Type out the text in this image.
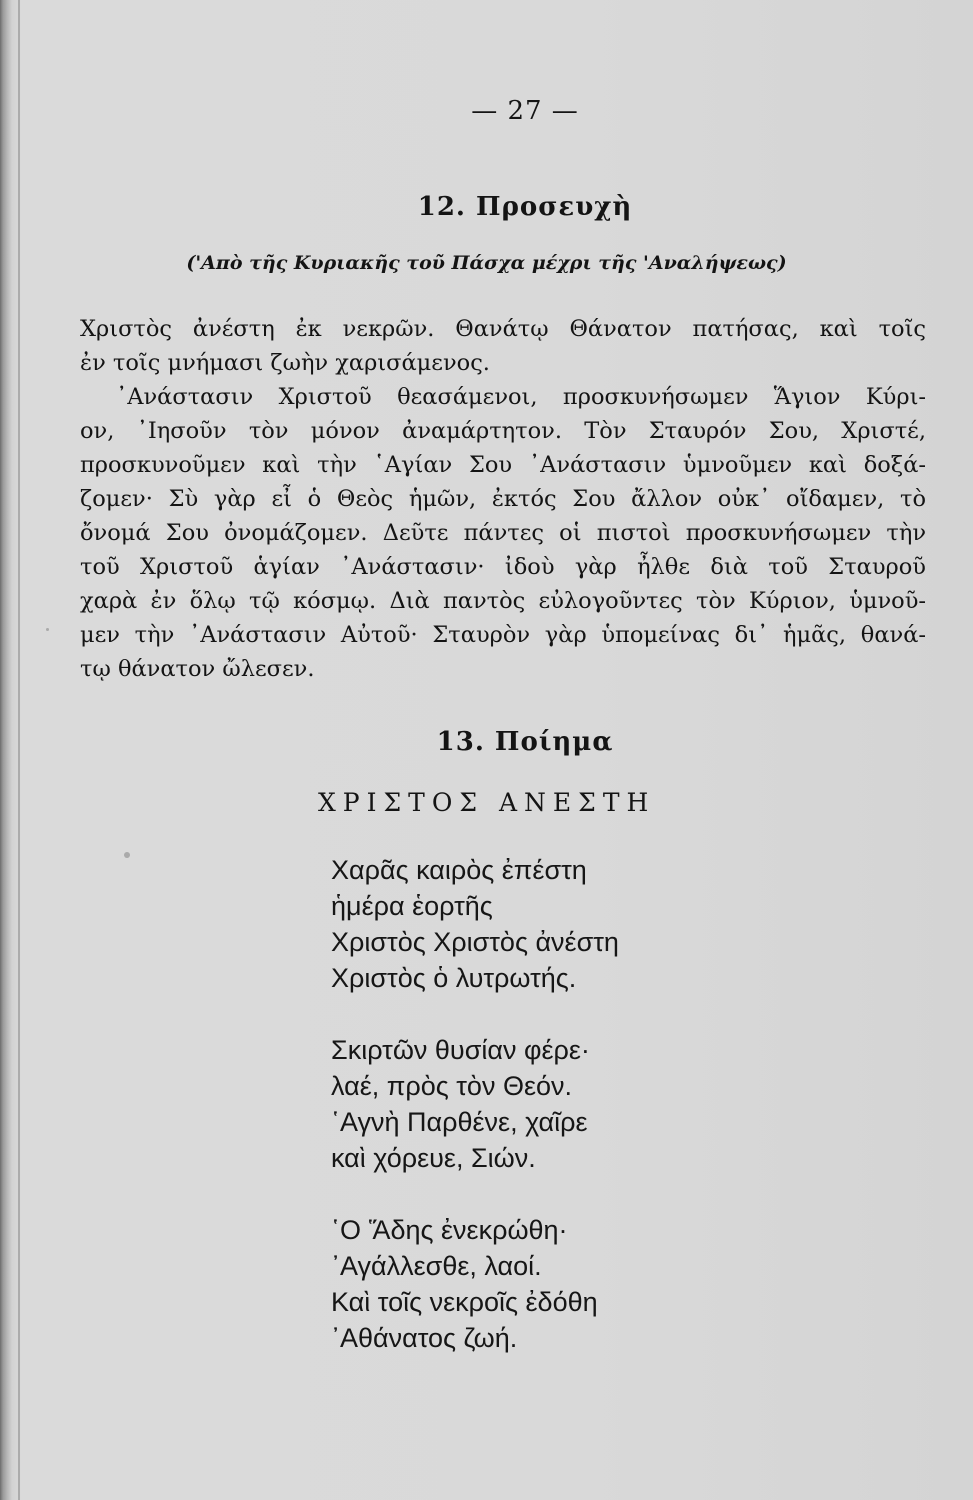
— 27 —
12. Προσευχὴ
('Aπὸ τῆς Κυριακῆς τοῦ Πάσχα μέχρι τῆς 'Αναλήψεως)
Χριστὸς ἀνέστη ἐκ νεκρῶν. Θανάτῳ Θάνατον πατήσας, καὶ τοῖς
ἐν τοῖς μνήμασι ζωὴν χαρισάμενος.
᾿Ανάστασιν Χριστοῦ θεασάμενοι, προσκυνήσωμεν Ἅγιον Κύρι-
ον, ᾿Ιησοῦν τὸν μόνον ἀναμάρτητον. Τὸν Σταυρόν Σου, Χριστέ,
προσκυνοῦμεν καὶ τὴν ῾Αγίαν Σου ᾿Ανάστασιν ὑμνοῦμεν καὶ δοξά-
ζομεν· Σὺ γὰρ εἶ ὁ Θεὸς ἡμῶν, ἐκτός Σου ἄλλον οὐκ᾿ οἴδαμεν, τὸ
ὄνομά Σου ὀνομάζομεν. Δεῦτε πάντες οἱ πιστοὶ προσκυνήσωμεν τὴν
τοῦ Χριστοῦ ἁγίαν ᾿Ανάστασιν· ἰδοὺ γὰρ ἦλθε διὰ τοῦ Σταυροῦ
χαρὰ ἐν ὅλῳ τῷ κόσμῳ. Διὰ παντὸς εὐλογοῦντες τὸν Κύριον, ὑμνοῦ-
μεν τὴν ᾿Ανάστασιν Αὐτοῦ· Σταυρὸν γὰρ ὑπομείνας δι᾿ ἡμᾶς, θανά-
τῳ θάνατον ὤλεσεν.
13. Ποίημα
ΧΡΙΣΤΟΣ ΑΝΕΣΤΗ
Χαρᾶς καιρὸς ἐπέστη
ἡμέρα ἑορτῆς
Χριστὸς Χριστὸς ἀνέστη
Χριστὸς ὁ λυτρωτής.
Σκιρτῶν θυσίαν φέρε·
λαέ, πρὸς τὸν Θεόν.
῾Αγνὴ Παρθένε, χαῖρε
καὶ χόρευε, Σιών.
῾Ο Ἅδης ἐνεκρώθη·
᾿Αγάλλεσθε, λαοί.
Καὶ τοῖς νεκροῖς ἐδόθη
᾿Αθάνατος ζωή.
